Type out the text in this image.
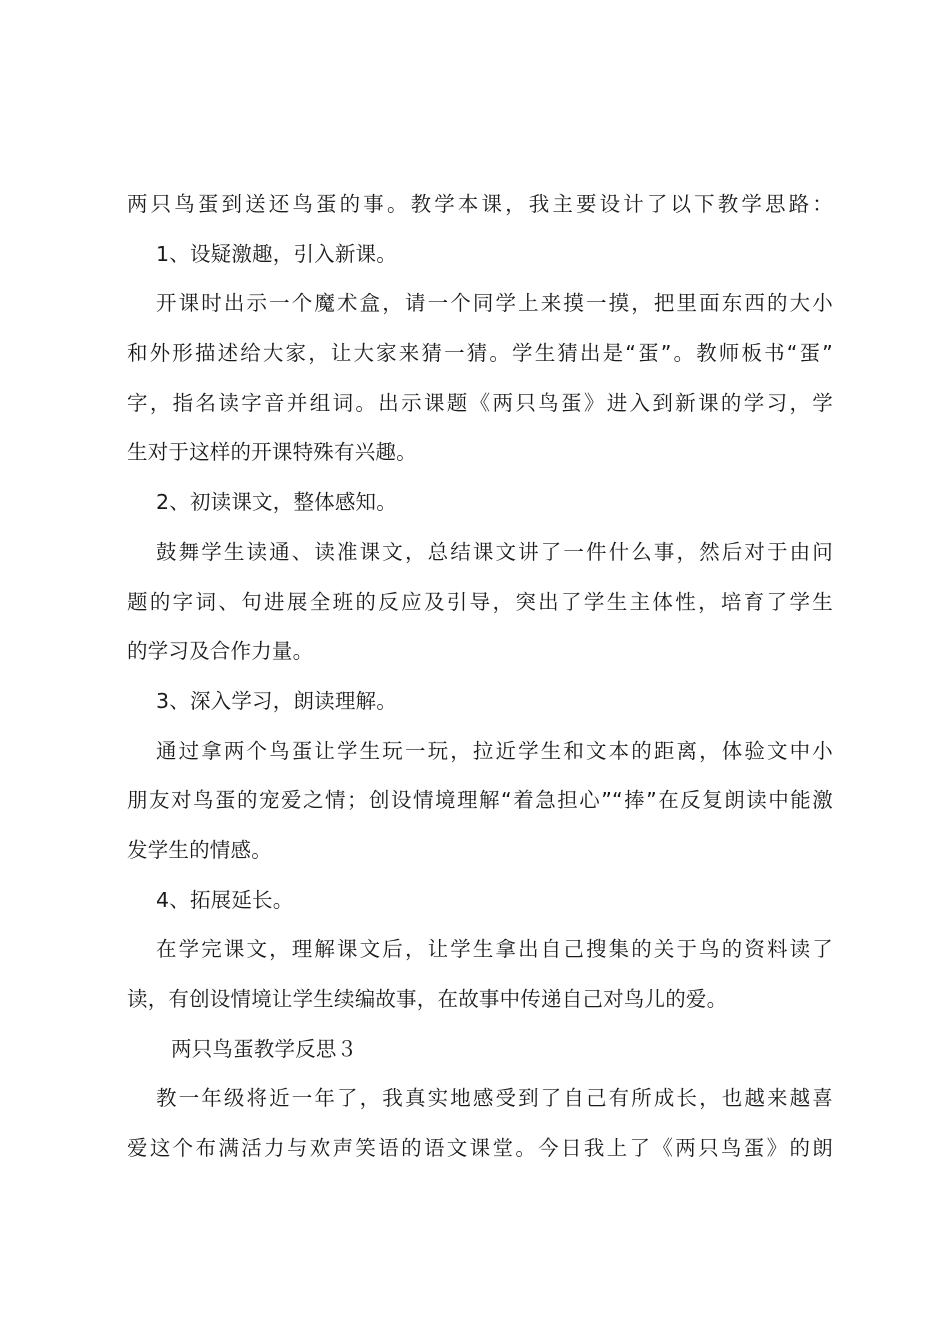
两只鸟蛋到送还鸟蛋的事。教学本课，我主要设计了以下教学思路：
1、设疑激趣，引入新课。
开课时出示一个魔术盒，请一个同学上来摸一摸，把里面东西的大小
和外形描述给大家，让大家来猜一猜。学生猜出是“蛋”。教师板书“蛋”
字，指名读字音并组词。出示课题《两只鸟蛋》进入到新课的学习，学
生对于这样的开课特殊有兴趣。
2、初读课文，整体感知。
鼓舞学生读通、读准课文，总结课文讲了一件什么事，然后对于由问
题的字词、句进展全班的反应及引导，突出了学生主体性，培育了学生
的学习及合作力量。
3、深入学习，朗读理解。
通过拿两个鸟蛋让学生玩一玩，拉近学生和文本的距离，体验文中小
朋友对鸟蛋的宠爱之情；创设情境理解“着急担心”“捧”在反复朗读中能激
发学生的情感。
4、拓展延长。
在学完课文，理解课文后，让学生拿出自己搜集的关于鸟的资料读了
读，有创设情境让学生续编故事，在故事中传递自己对鸟儿的爱。
两只鸟蛋教学反思３
教一年级将近一年了，我真实地感受到了自己有所成长，也越来越喜
爱这个布满活力与欢声笑语的语文课堂。今日我上了《两只鸟蛋》的朗
